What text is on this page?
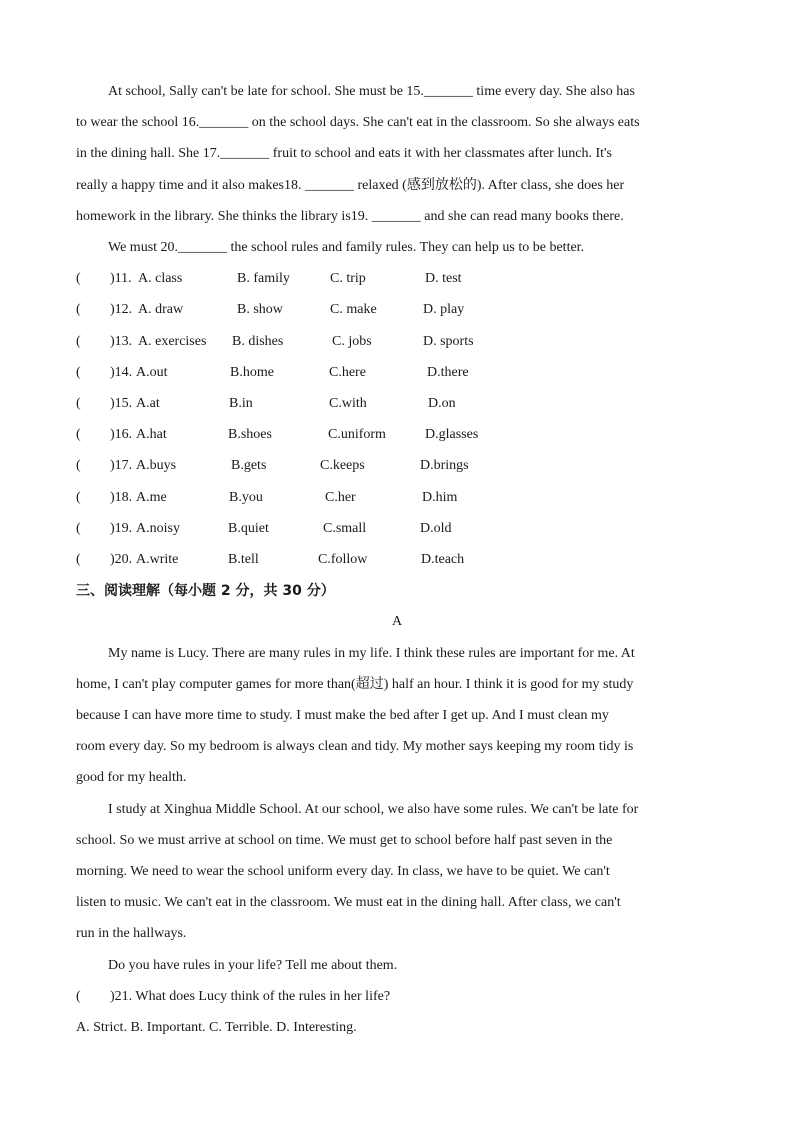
At school, Sally can't be late for school. She must be 15._______ time every day. She also has
to wear the school 16._______ on the school days. She can't eat in the classroom. So she always eats
in the dining hall. She 17._______ fruit to school and eats it with her classmates after lunch. It's
really a happy time and it also makes18. _______ relaxed (感到放松的). After class, she does her
homework in the library. She thinks the library is19. _______ and she can read many books there.
We must 20._______ the school rules and family rules. They can help us to be better.
( )11. A. class	B. family	C. trip	D. test
( )12. A. draw	B. show	C. make	D. play
( )13. A. exercises B. dishes	C. jobs	D. sports
( )14. A.out	B.home	C.here	D.there
( )15. A.at	B.in	C.with	D.on
( )16. A.hat	B.shoes	C.uniform	D.glasses
( )17. A.buys	B.gets	C.keeps	D.brings
( )18. A.me	B.you	C.her	D.him
( )19. A.noisy	B.quiet	C.small	D.old
( )20. A.write	B.tell	C.follow	D.teach
三、阅读理解（每小题 2 分，共 30 分）
A
My name is Lucy. There are many rules in my life. I think these rules are important for me. At
home, I can't play computer games for more than(超过) half an hour. I think it is good for my study
because I can have more time to study. I must make the bed after I get up. And I must clean my
room every day. So my bedroom is always clean and tidy. My mother says keeping my room tidy is
good for my health.
I study at Xinghua Middle School. At our school, we also have some rules. We can't be late for
school. So we must arrive at school on time. We must get to school before half past seven in the
morning. We need to wear the school uniform every day. In class, we have to be quiet. We can't
listen to music. We can't eat in the classroom. We must eat in the dining hall. After class, we can't
run in the hallways.
Do you have rules in your life? Tell me about them.
( )21. What does Lucy think of the rules in her life?
A. Strict. B. Important. C. Terrible. D. Interesting.
